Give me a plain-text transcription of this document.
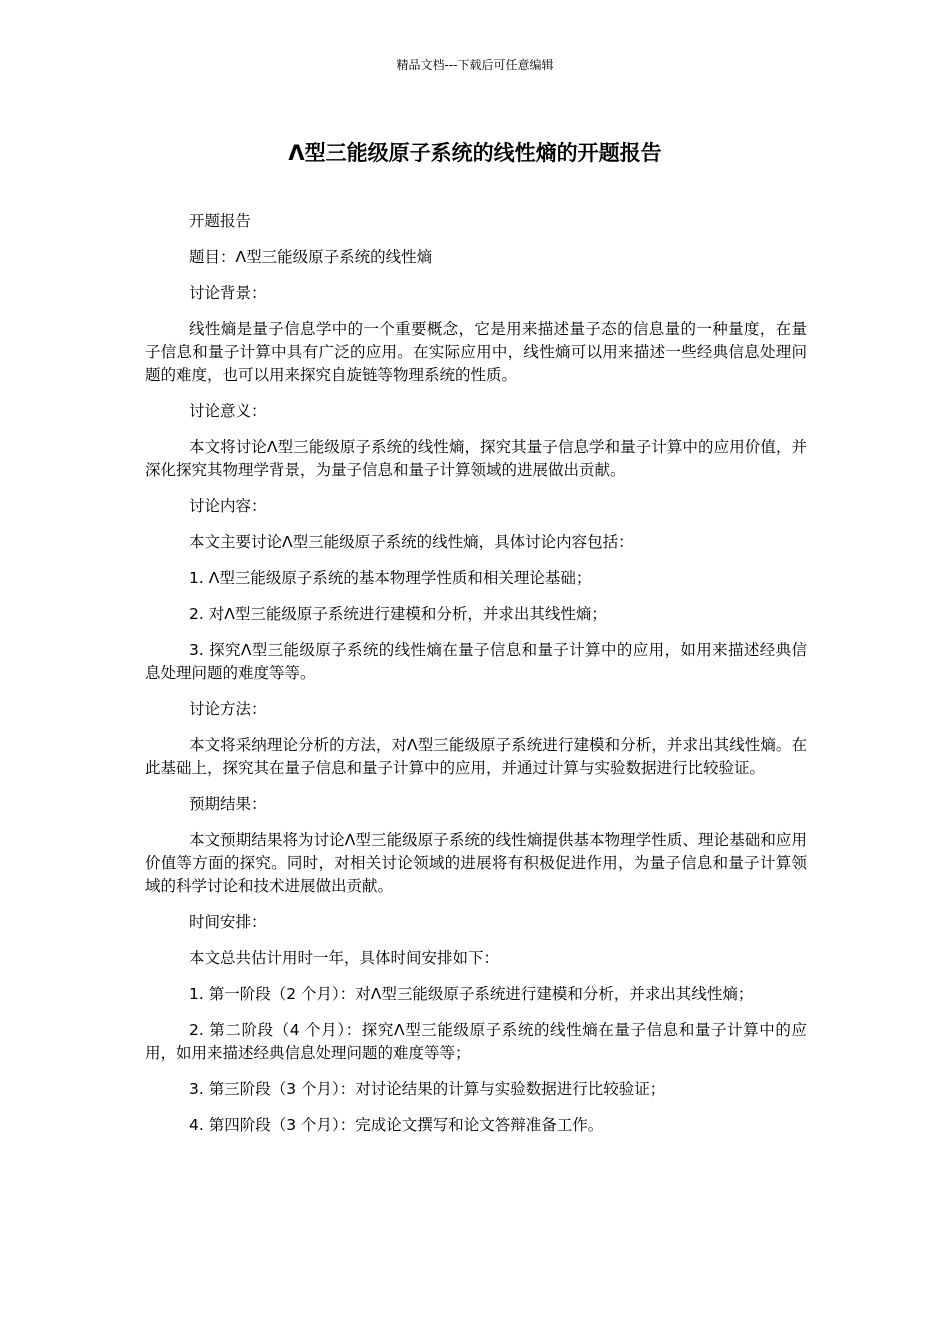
精品文档---下载后可任意编辑
Λ型三能级原子系统的线性熵的开题报告

开题报告

题目：Λ型三能级原子系统的线性熵

讨论背景：

线性熵是量子信息学中的一个重要概念，它是用来描述量子态的信息量的一种量度，在量子信息和量子计算中具有广泛的应用。在实际应用中，线性熵可以用来描述一些经典信息处理问题的难度，也可以用来探究自旋链等物理系统的性质。

讨论意义：

本文将讨论Λ型三能级原子系统的线性熵，探究其量子信息学和量子计算中的应用价值，并深化探究其物理学背景，为量子信息和量子计算领域的进展做出贡献。

讨论内容：

本文主要讨论Λ型三能级原子系统的线性熵，具体讨论内容包括：

1. Λ型三能级原子系统的基本物理学性质和相关理论基础；

2. 对Λ型三能级原子系统进行建模和分析，并求出其线性熵；

3. 探究Λ型三能级原子系统的线性熵在量子信息和量子计算中的应用，如用来描述经典信息处理问题的难度等等。

讨论方法：

本文将采纳理论分析的方法，对Λ型三能级原子系统进行建模和分析，并求出其线性熵。在此基础上，探究其在量子信息和量子计算中的应用，并通过计算与实验数据进行比较验证。

预期结果：

本文预期结果将为讨论Λ型三能级原子系统的线性熵提供基本物理学性质、理论基础和应用价值等方面的探究。同时，对相关讨论领域的进展将有积极促进作用，为量子信息和量子计算领域的科学讨论和技术进展做出贡献。

时间安排：

本文总共估计用时一年，具体时间安排如下：

1. 第一阶段（2 个月）：对Λ型三能级原子系统进行建模和分析，并求出其线性熵；

2. 第二阶段（4 个月）：探究Λ型三能级原子系统的线性熵在量子信息和量子计算中的应用，如用来描述经典信息处理问题的难度等等；

3. 第三阶段（3 个月）：对讨论结果的计算与实验数据进行比较验证；

4. 第四阶段（3 个月）：完成论文撰写和论文答辩准备工作。
